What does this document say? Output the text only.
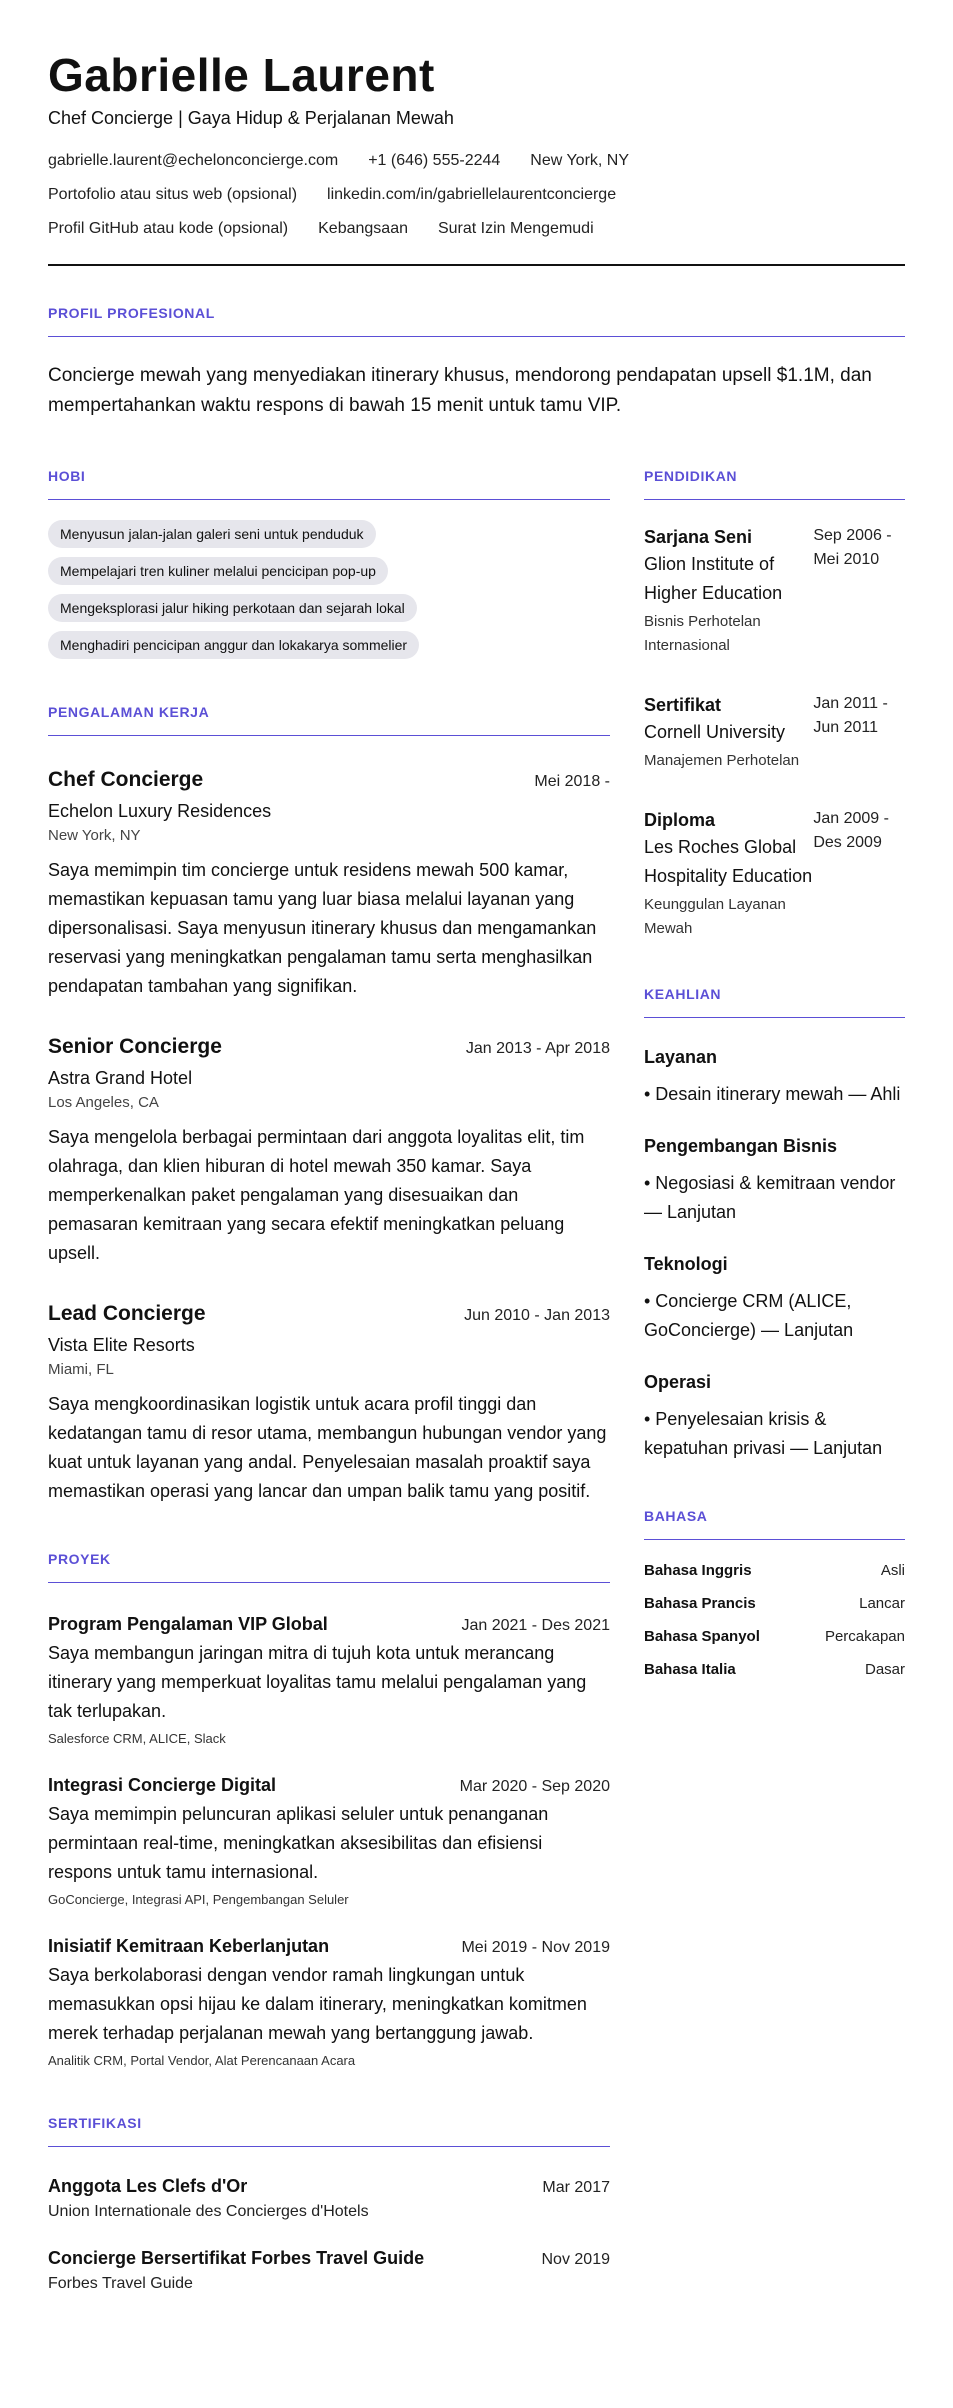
Gabrielle Laurent
Chef Concierge | Gaya Hidup & Perjalanan Mewah
gabrielle.laurent@echelonconcierge.com +1 (646) 555-2244 New York, NY
Portofolio atau situs web (opsional) linkedin.com/in/gabriellelaurentconcierge
Profil GitHub atau kode (opsional) Kebangsaan Surat Izin Mengemudi
PROFIL PROFESIONAL

Concierge mewah yang menyediakan itinerary khusus, mendorong pendapatan upsell $1.1M, dan mempertahankan waktu respons di bawah 15 menit untuk tamu VIP.

HOBI
Menyusun jalan-jalan galeri seni untuk penduduk
Mempelajari tren kuliner melalui pencicipan pop-up
Mengeksplorasi jalur hiking perkotaan dan sejarah lokal
Menghadiri pencicipan anggur dan lokakarya sommelier
PENGALAMAN KERJA
Chef Concierge	Mei 2018 -
Echelon Luxury Residences
New York, NY

Saya memimpin tim concierge untuk residens mewah 500 kamar, memastikan kepuasan tamu yang luar biasa melalui layanan yang dipersonalisasi. Saya menyusun itinerary khusus dan mengamankan reservasi yang meningkatkan pengalaman tamu serta menghasilkan pendapatan tambahan yang signifikan.

Senior Concierge	Jan 2013 - Apr 2018
Astra Grand Hotel
Los Angeles, CA

Saya mengelola berbagai permintaan dari anggota loyalitas elit, tim olahraga, dan klien hiburan di hotel mewah 350 kamar. Saya memperkenalkan paket pengalaman yang disesuaikan dan pemasaran kemitraan yang secara efektif meningkatkan peluang upsell.

Lead Concierge	Jun 2010 - Jan 2013
Vista Elite Resorts
Miami, FL

Saya mengkoordinasikan logistik untuk acara profil tinggi dan kedatangan tamu di resor utama, membangun hubungan vendor yang kuat untuk layanan yang andal. Penyelesaian masalah proaktif saya memastikan operasi yang lancar dan umpan balik tamu yang positif.

PROYEK
Program Pengalaman VIP Global	Jan 2021 - Des 2021

Saya membangun jaringan mitra di tujuh kota untuk merancang itinerary yang memperkuat loyalitas tamu melalui pengalaman yang tak terlupakan.

Salesforce CRM, ALICE, Slack
Integrasi Concierge Digital	Mar 2020 - Sep 2020

Saya memimpin peluncuran aplikasi seluler untuk penanganan permintaan real-time, meningkatkan aksesibilitas dan efisiensi respons untuk tamu internasional.

GoConcierge, Integrasi API, Pengembangan Seluler
Inisiatif Kemitraan Keberlanjutan	Mei 2019 - Nov 2019

Saya berkolaborasi dengan vendor ramah lingkungan untuk memasukkan opsi hijau ke dalam itinerary, meningkatkan komitmen merek terhadap perjalanan mewah yang bertanggung jawab.

Analitik CRM, Portal Vendor, Alat Perencanaan Acara
SERTIFIKASI
Anggota Les Clefs d'Or	Mar 2017
Union Internationale des Concierges d'Hotels
Concierge Bersertifikat Forbes Travel Guide	Nov 2019
Forbes Travel Guide
PENDIDIKAN
Sarjana Seni
Glion Institute of Higher Education
Bisnis Perhotelan Internasional
Sep 2006 - Mei 2010
Sertifikat
Cornell University
Manajemen Perhotelan
Jan 2011 - Jun 2011
Diploma
Les Roches Global Hospitality Education
Keunggulan Layanan Mewah
Jan 2009 - Des 2009
KEAHLIAN
Layanan
• Desain itinerary mewah — Ahli
Pengembangan Bisnis
• Negosiasi & kemitraan vendor — Lanjutan
Teknologi
• Concierge CRM (ALICE, GoConcierge) — Lanjutan
Operasi
• Penyelesaian krisis & kepatuhan privasi — Lanjutan
BAHASA
Bahasa Inggris	Asli
Bahasa Prancis	Lancar
Bahasa Spanyol	Percakapan
Bahasa Italia	Dasar
